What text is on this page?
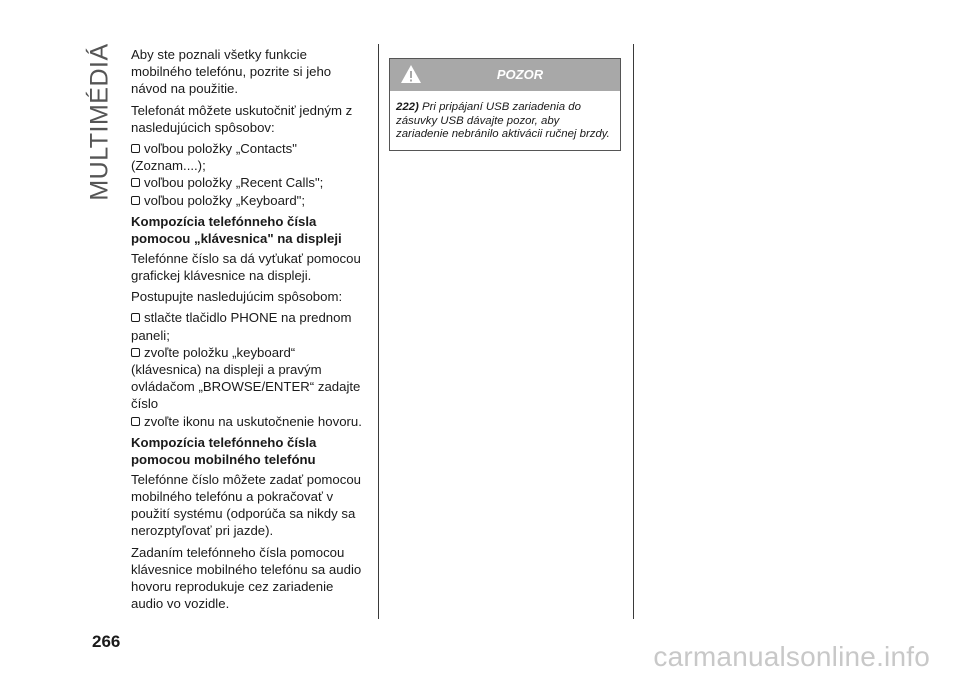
MULTIMÉDIÁ
266

Aby ste poznali všetky funkcie mobilného telefónu, pozrite si jeho návod na použitie.

Telefonát môžete uskutočniť jedným z nasledujúcich spôsobov:

voľbou položky „Contacts" (Zoznam....);
voľbou položky „Recent Calls";
voľbou položky „Keyboard";
Kompozícia telefónneho čísla pomocou „klávesnica" na displeji

Telefónne číslo sa dá vyťukať pomocou grafickej klávesnice na displeji.

Postupujte nasledujúcim spôsobom:

stlačte tlačidlo PHONE na prednom paneli;
zvoľte položku „keyboard“ (klávesnica) na displeji a pravým ovládačom „BROWSE/ENTER“ zadajte číslo
zvoľte ikonu na uskutočnenie hovoru.
Kompozícia telefónneho čísla pomocou mobilného telefónu

Telefónne číslo môžete zadať pomocou mobilného telefónu a pokračovať v použití systému (odporúča sa nikdy sa nerozptyľovať pri jazde).

Zadaním telefónneho čísla pomocou klávesnice mobilného telefónu sa audio hovoru reprodukuje cez zariadenie audio vo vozidle.

POZOR
222) Pri pripájaní USB zariadenia do zásuvky USB dávajte pozor, aby zariadenie nebránilo aktivácii ručnej brzdy.
carmanualsonline.info
